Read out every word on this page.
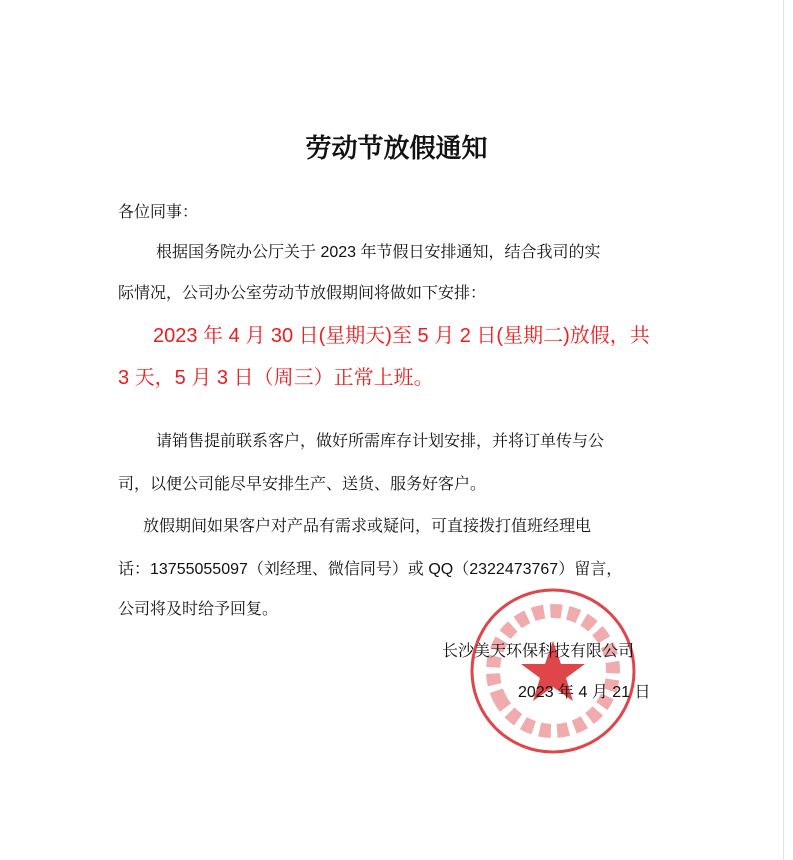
劳动节放假通知
各位同事：
根据国务院办公厅关于 2023 年节假日安排通知，结合我司的实
际情况，公司办公室劳动节放假期间将做如下安排：
2023 年 4 月 30 日(星期天)至 5 月 2 日(星期二)放假，共
3 天，5 月 3 日（周三）正常上班。
请销售提前联系客户，做好所需库存计划安排，并将订单传与公
司，以便公司能尽早安排生产、送货、服务好客户。
放假期间如果客户对产品有需求或疑问，可直接拨打值班经理电
话：13755055097（刘经理、微信同号）或 QQ（2322473767）留言，
公司将及时给予回复。
长沙美天环保科技有限公司
2023 年 4 月 21 日
